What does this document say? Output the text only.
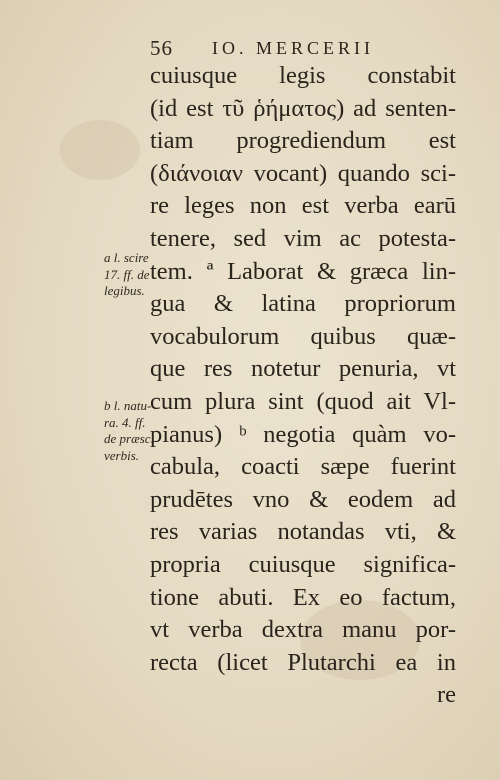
56 IO. MERCERII
cuiusque legis constabit
(id est τῦ ῥήματος) ad senten-
tiam progrediendum est
(διάνοιαν vocant) quando sci-
re leges non est verba earū
tenere, sed vim ac potesta-
tem. ª Laborat & græca lin-
gua & latina propriorum
vocabulorum quibus quæ-
que res notetur penuria, vt
cum plura sint (quod ait Vl-
pianus) ᵇ negotia quàm vo-
cabula, coacti sæpe fuerint
prudētes vno & eodem ad
res varias notandas vti, &
propria cuiusque significa-
tione abuti. Ex eo factum,
vt verba dextra manu por-
recta (licet Plutarchi ea in
re
a l. scire
17. ff. de
legibus.
b l. natu-
ra. 4. ff.
de præsc.
verbis.
